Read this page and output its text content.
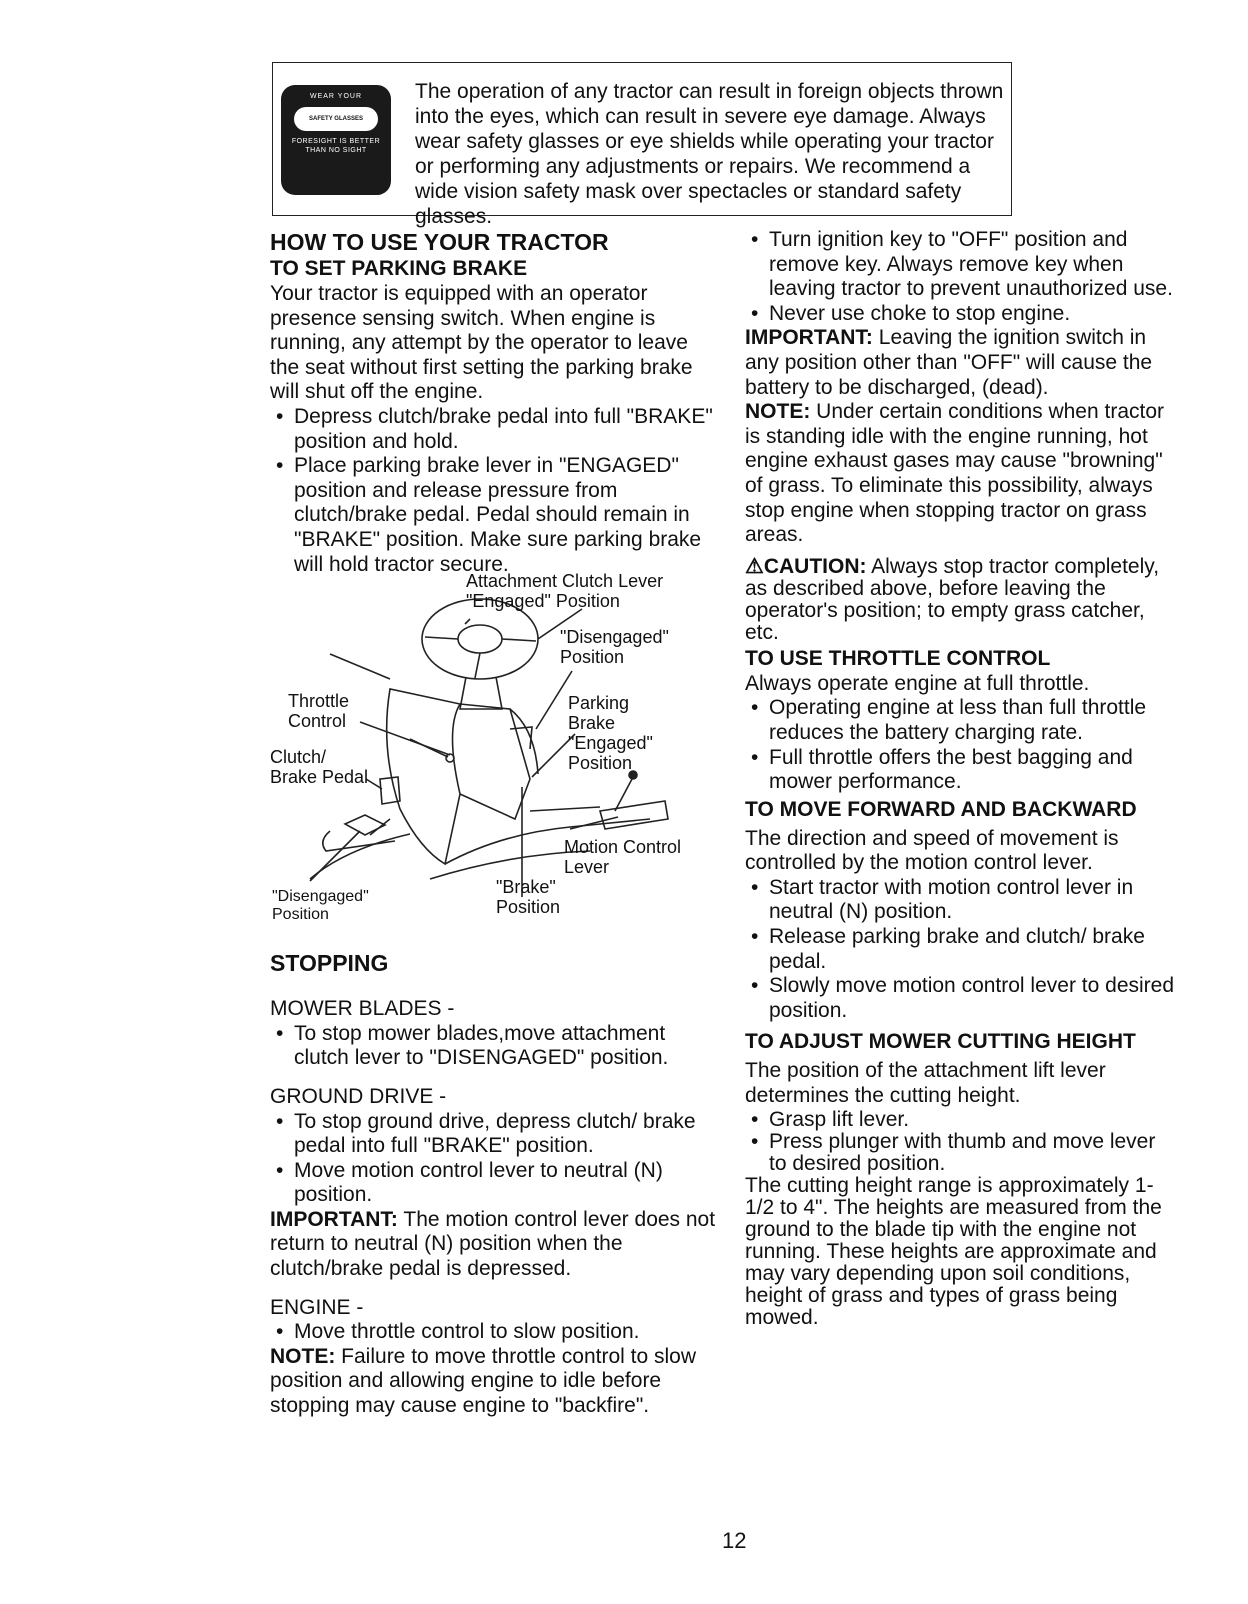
WEAR YOUR
SAFETY GLASSES
FORESIGHT IS BETTER THAN NO SIGHT

The operation of any tractor can result in foreign objects thrown into the eyes, which can result in severe eye damage. Always wear safety glasses or eye shields while operating your tractor or performing any adjustments or repairs. We recommend a wide vision safety mask over spectacles or standard safety glasses.

HOW TO USE YOUR TRACTOR
TO SET PARKING BRAKE

Your tractor is equipped with an operator presence sensing switch. When engine is running, any attempt by the operator to leave the seat without first setting the parking brake will shut off the engine.

• Depress clutch/brake pedal into full "BRAKE" position and hold.
• Place parking brake lever in "ENGAGED" position and release pressure from clutch/brake pedal. Pedal should remain in "BRAKE" position. Make sure parking brake will hold tractor secure.
Attachment Clutch Lever
"Engaged" Position
"Disengaged"
Position
Throttle
Control
Parking
Brake
"Engaged"
Position
Clutch/
Brake Pedal
Motion Control
Lever
"Brake"
Position
"Disengaged"
Position
STOPPING

MOWER BLADES -

• To stop mower blades,move attachment clutch lever to "DISENGAGED" position.

GROUND DRIVE -

• To stop ground drive, depress clutch/ brake pedal into full "BRAKE" position.
• Move motion control lever to neutral (N) position.

IMPORTANT: The motion control lever does not return to neutral (N) position when the clutch/brake pedal is depressed.

ENGINE -

• Move throttle control to slow position.

NOTE: Failure to move throttle control to slow position and allowing engine to idle before stopping may cause engine to "backfire".

• Turn ignition key to "OFF" position and remove key. Always remove key when leaving tractor to prevent unauthorized use.
• Never use choke to stop engine.

IMPORTANT: Leaving the ignition switch in any position other than "OFF" will cause the battery to be discharged, (dead).

NOTE: Under certain conditions when tractor is standing idle with the engine running, hot engine exhaust gases may cause "browning" of grass. To eliminate this possibility, always stop engine when stopping tractor on grass areas.

⚠CAUTION: Always stop tractor completely, as described above, before leaving the operator's position; to empty grass catcher, etc.

TO USE THROTTLE CONTROL

Always operate engine at full throttle.

• Operating engine at less than full throttle reduces the battery charging rate.
• Full throttle offers the best bagging and mower performance.
TO MOVE FORWARD AND BACKWARD

The direction and speed of movement is controlled by the motion control lever.

• Start tractor with motion control lever in neutral (N) position.
• Release parking brake and clutch/ brake pedal.
• Slowly move motion control lever to desired position.
TO ADJUST MOWER CUTTING HEIGHT

The position of the attachment lift lever determines the cutting height.

• Grasp lift lever.
• Press plunger with thumb and move lever to desired position.

The cutting height range is approximately 1-1/2 to 4". The heights are measured from the ground to the blade tip with the engine not running. These heights are approximate and may vary depending upon soil conditions, height of grass and types of grass being mowed.

12
